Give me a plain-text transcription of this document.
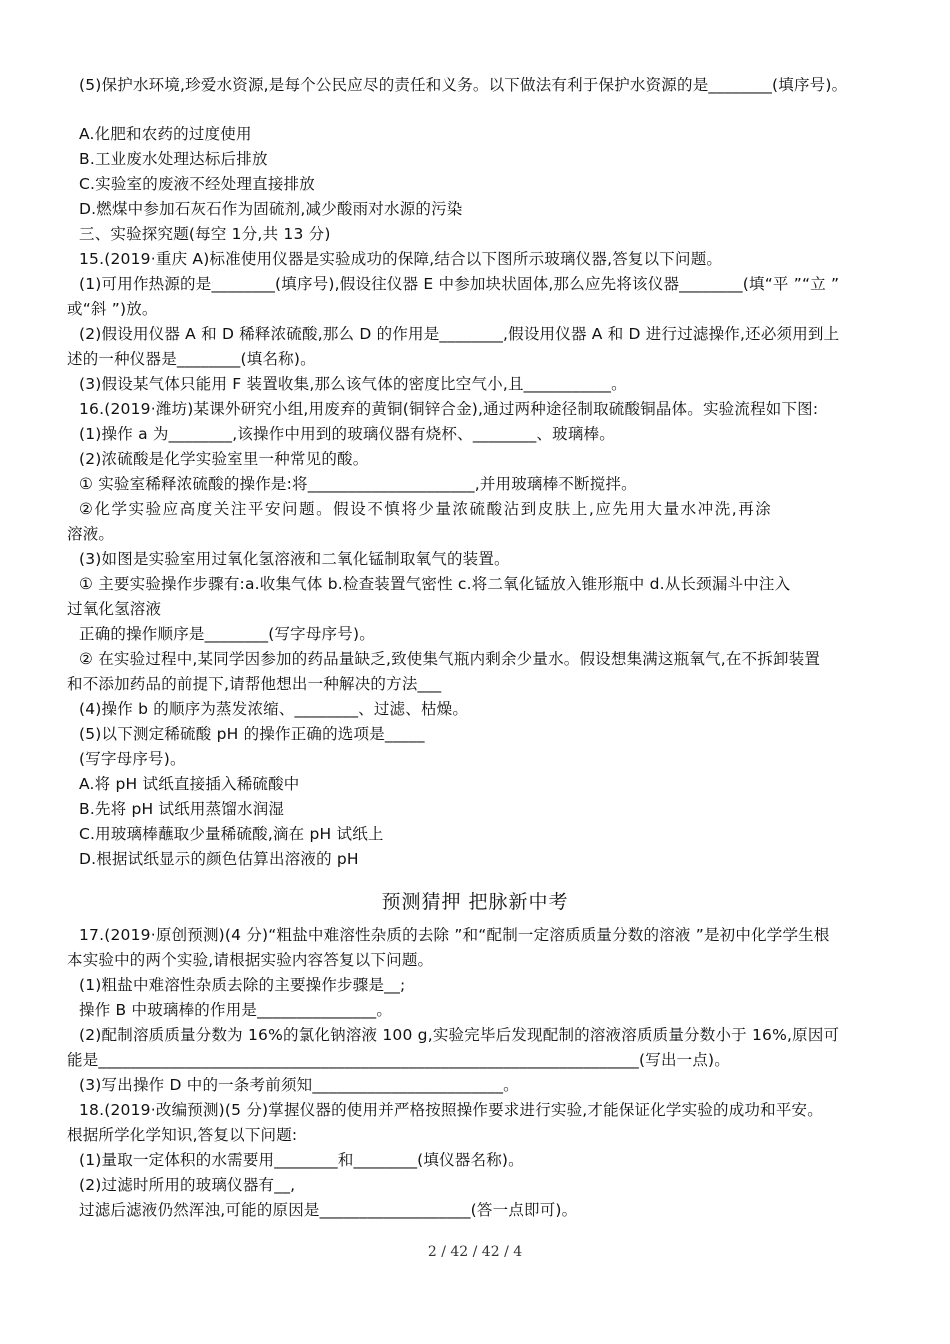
(5)保护水环境,珍爱水资源,是每个公民应尽的责任和义务。以下做法有利于保护水资源的是________(填序号)。
A.化肥和农药的过度使用
B.工业废水处理达标后排放
C.实验室的废液不经处理直接排放
D.燃煤中参加石灰石作为固硫剂,减少酸雨对水源的污染
三、实验探究题(每空 1分,共 13 分)
15.(2019·重庆 A)标准使用仪器是实验成功的保障,结合以下图所示玻璃仪器,答复以下问题。
(1)可用作热源的是________(填序号),假设往仪器 E 中参加块状固体,那么应先将该仪器________(填“平 ”“立 ”
或“斜 ”)放。
(2)假设用仪器 A 和 D 稀释浓硫酸,那么 D 的作用是________,假设用仪器 A 和 D 进行过滤操作,还必须用到上
述的一种仪器是________(填名称)。
(3)假设某气体只能用 F 装置收集,那么该气体的密度比空气小,且___________。
16.(2019·潍坊)某课外研究小组,用废弃的黄铜(铜锌合金),通过两种途径制取硫酸铜晶体。实验流程如下图:
(1)操作 a 为________,该操作中用到的玻璃仪器有烧杯、________、玻璃棒。
(2)浓硫酸是化学实验室里一种常见的酸。
① 实验室稀释浓硫酸的操作是:将_____________________,并用玻璃棒不断搅拌。
②化学实验应高度关注平安问题。假设不慎将少量浓硫酸沾到皮肤上,应先用大量水冲洗,再涂
溶液。
(3)如图是实验室用过氧化氢溶液和二氧化锰制取氧气的装置。
① 主要实验操作步骤有:a.收集气体 b.检查装置气密性 c.将二氧化锰放入锥形瓶中 d.从长颈漏斗中注入
过氧化氢溶液
正确的操作顺序是________(写字母序号)。
② 在实验过程中,某同学因参加的药品量缺乏,致使集气瓶内剩余少量水。假设想集满这瓶氧气,在不拆卸装置
和不添加药品的前提下,请帮他想出一种解决的方法___
(4)操作 b 的顺序为蒸发浓缩、________、过滤、枯燥。
(5)以下测定稀硫酸 pH 的操作正确的选项是_____
(写字母序号)。
A.将 pH 试纸直接插入稀硫酸中
B.先将 pH 试纸用蒸馏水润湿
C.用玻璃棒蘸取少量稀硫酸,滴在 pH 试纸上
D.根据试纸显示的颜色估算出溶液的 pH
预测猜押 把脉新中考
17.(2019·原创预测)(4 分)“粗盐中难溶性杂质的去除 ”和“配制一定溶质质量分数的溶液 ”是初中化学学生根
本实验中的两个实验,请根据实验内容答复以下问题。
(1)粗盐中难溶性杂质去除的主要操作步骤是__;
操作 B 中玻璃棒的作用是_______________。
(2)配制溶质质量分数为 16%的氯化钠溶液 100 g,实验完毕后发现配制的溶液溶质质量分数小于 16%,原因可
能是____________________________________________________________________(写出一点)。
(3)写出操作 D 中的一条考前须知________________________。
18.(2019·改编预测)(5 分)掌握仪器的使用并严格按照操作要求进行实验,才能保证化学实验的成功和平安。
根据所学化学知识,答复以下问题:
(1)量取一定体积的水需要用________和________(填仪器名称)。
(2)过滤时所用的玻璃仪器有__,
过滤后滤液仍然浑浊,可能的原因是___________________(答一点即可)。
2 / 42 / 42 / 4
